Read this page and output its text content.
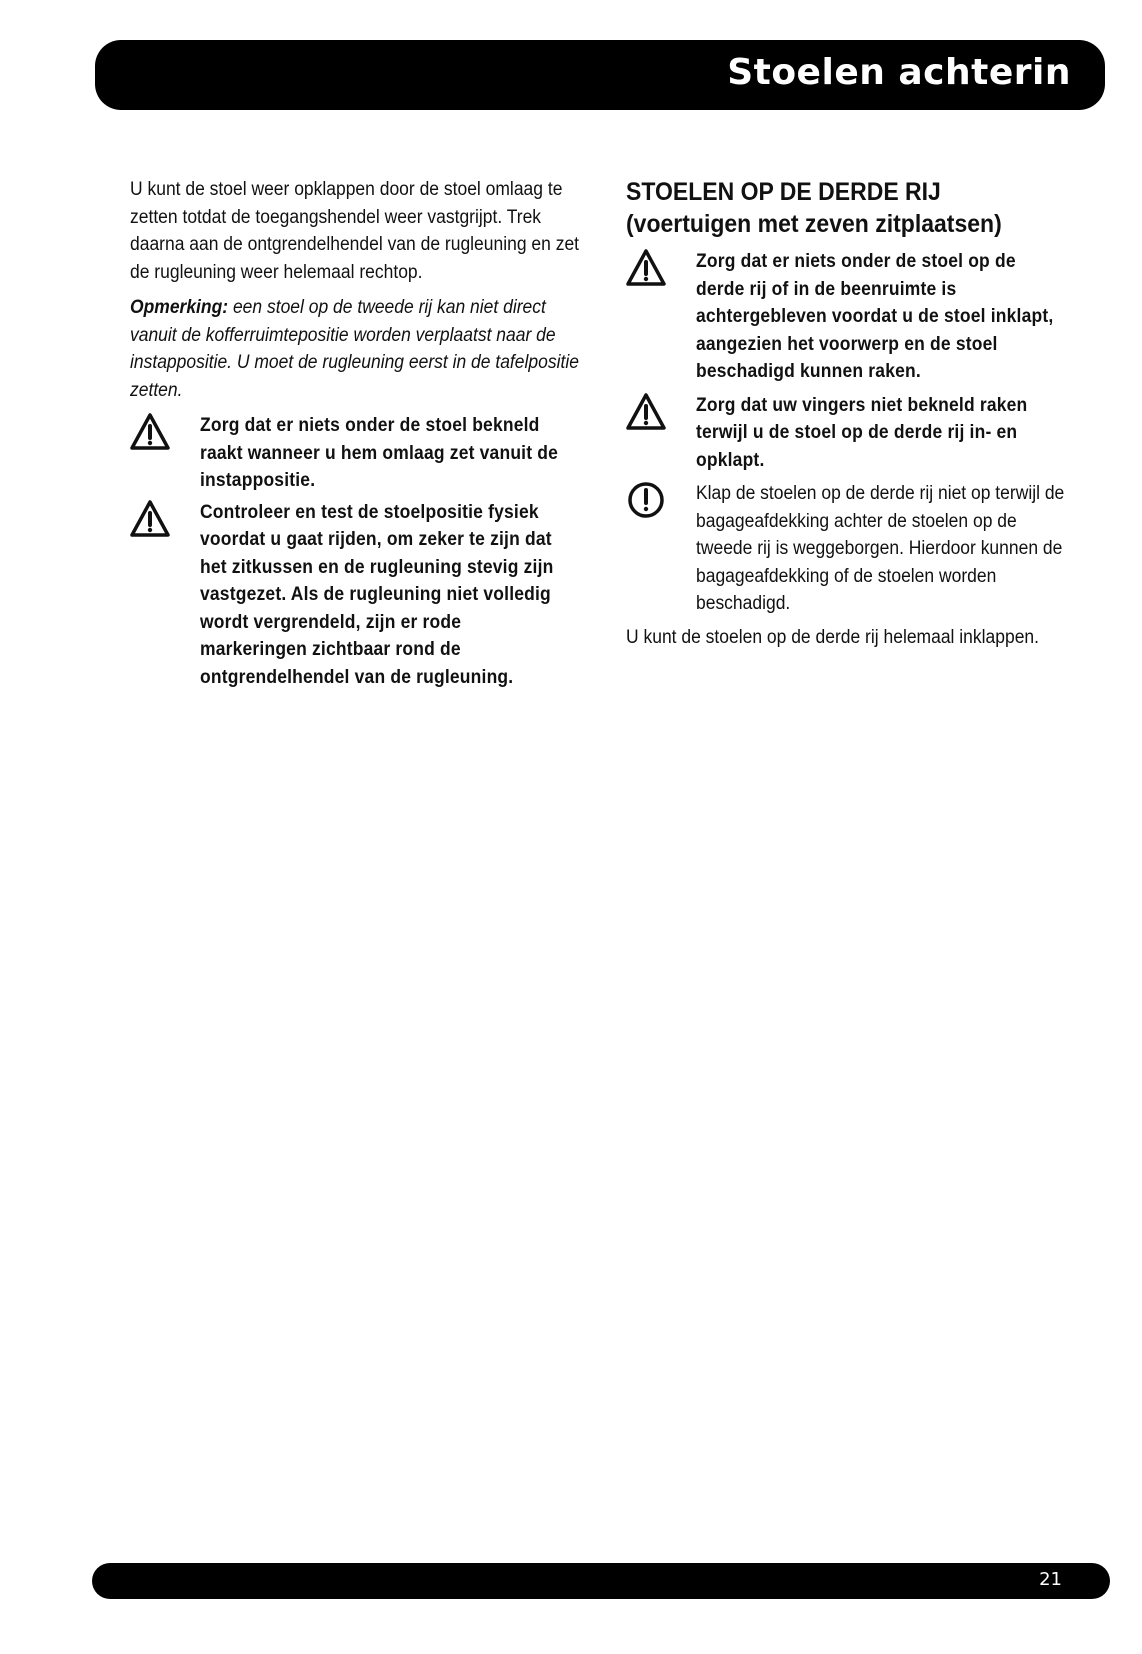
Stoelen achterin

U kunt de stoel weer opklappen door de stoel omlaag te zetten totdat de toegangshendel weer vastgrijpt. Trek daarna aan de ontgrendelhendel van de rugleuning en zet de rugleuning weer helemaal rechtop.

Opmerking: een stoel op de tweede rij kan niet direct vanuit de kofferruimtepositie worden verplaatst naar de instappositie. U moet de rugleuning eerst in de tafelpositie zetten.

Zorg dat er niets onder de stoel bekneld raakt wanneer u hem omlaag zet vanuit de instappositie.

Controleer en test de stoelpositie fysiek voordat u gaat rijden, om zeker te zijn dat het zitkussen en de rugleuning stevig zijn vastgezet. Als de rugleuning niet volledig wordt vergrendeld, zijn er rode markeringen zichtbaar rond de ontgrendelhendel van de rugleuning.

STOELEN OP DE DERDE RIJ

(voertuigen met zeven zitplaatsen)

Zorg dat er niets onder de stoel op de derde rij of in de beenruimte is achtergebleven voordat u de stoel inklapt, aangezien het voorwerp en de stoel beschadigd kunnen raken.

Zorg dat uw vingers niet bekneld raken terwijl u de stoel op de derde rij in- en opklapt.

Klap de stoelen op de derde rij niet op terwijl de bagageafdekking achter de stoelen op de tweede rij is weggeborgen. Hierdoor kunnen de bagageafdekking of de stoelen worden beschadigd.

U kunt de stoelen op de derde rij helemaal inklappen.

21
